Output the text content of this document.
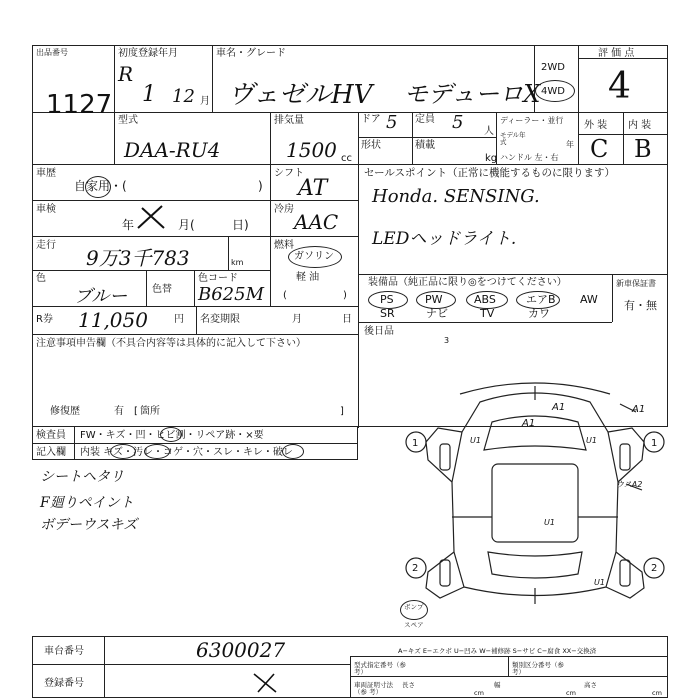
出品番号
1127
初度登録年月
R
1 12 月
車名・グレード
ヴェゼルHV モデューロX
2WD
4WD
評 価 点
4
型式
DAA-RU4
排気量
1500 cc
ドア 5 定員 5 人
形状	積載
kg
ディーラー・並行
モデル年式	年
ハンドル 左・右
外 装 内 装
C B
車歴
自家用・(	)
車検
年	月(	日)
走行
9万3千783	km
色
ブルー 色替
色コード
B625M
R券 11,050	円 名変期限	月	日
シフト
AT
冷房
AAC
燃料
ガソリン
軽 油
(	)
セールスポイント（正常に機能するものに限ります）
Honda. SENSING.
LEDヘッドライト.
装備品（純正品に限り◎をつけてください）	新車保証書
有・無
PS	PW	ABS	エアB AW
SR	ナビ	TV	カワ
後日品
3
注意事項申告欄（不具合内容等は具体的に記入して下さい）
修復歴	有 箇所	]
[
検査員 FW・キズ・凹・ヒビ割・リペア跡・×要
記入欄 内装 キズ・汚レ・コゲ・穴・スレ・キレ・破レ
シートヘタリ
F廻りペイント
ボデーウスキズ
A1
A1
A1
U1	U1
U1
U1
1	1
2	2
ウスA2
ボンプ
スペア
A−キズ E−エクボ U−凹み W−補修跡 S−サビ C−腐食 XX−交換済
車台番号	6300027
登録番号
型式指定番号（参 考）
類別区分番号（参 考）
車両証明寸法（参 考）
長さ
cm
幅
cm
高さ
cm
